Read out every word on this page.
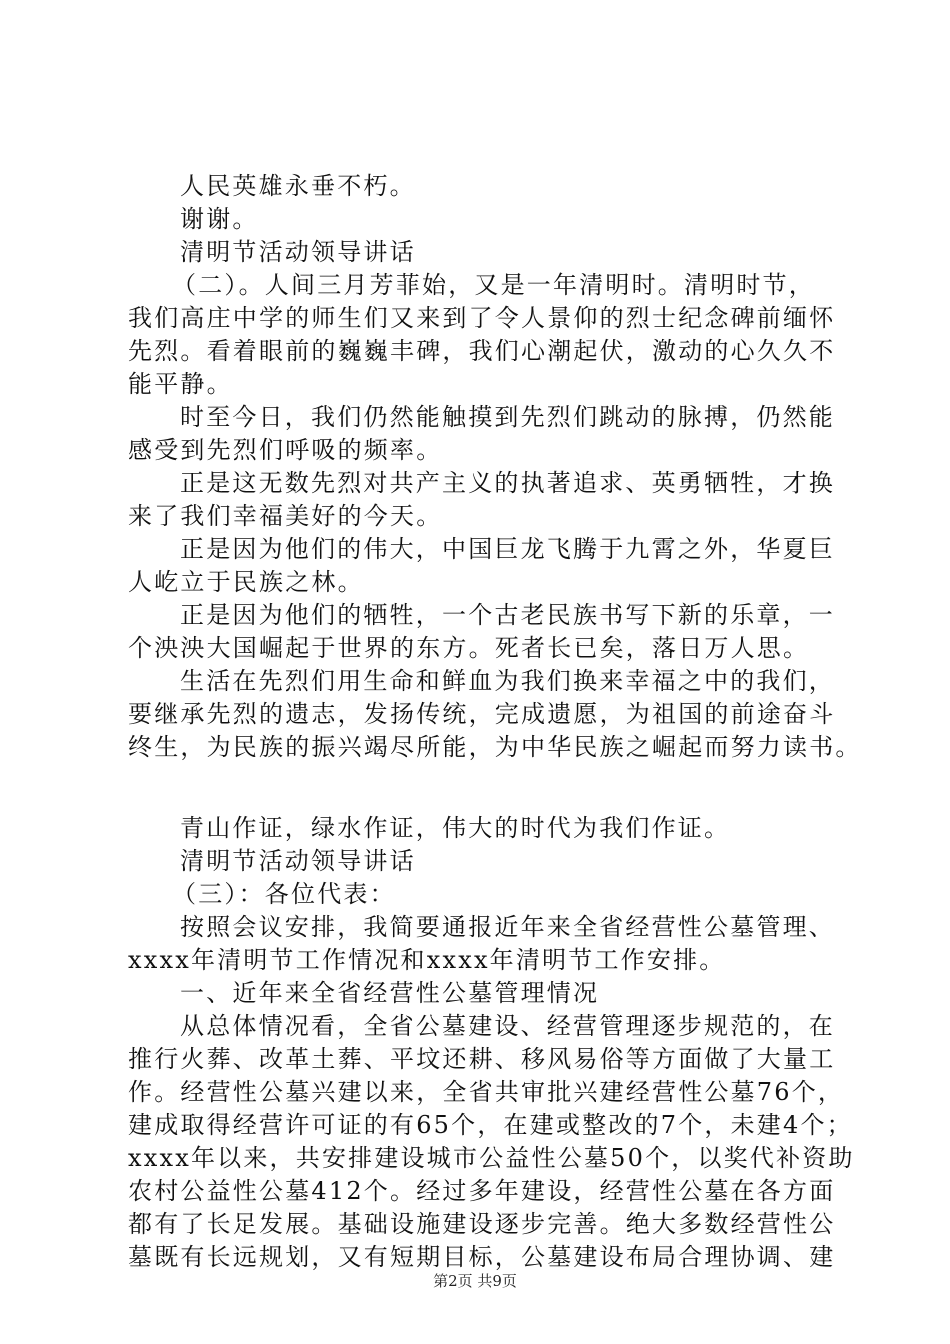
人民英雄永垂不朽。
谢谢。
清明节活动领导讲话
（二）。人间三月芳菲始，又是一年清明时。清明时节，
我们高庄中学的师生们又来到了令人景仰的烈士纪念碑前缅怀
先烈。看着眼前的巍巍丰碑，我们心潮起伏，激动的心久久不
能平静。
时至今日，我们仍然能触摸到先烈们跳动的脉搏，仍然能
感受到先烈们呼吸的频率。
正是这无数先烈对共产主义的执著追求、英勇牺牲，才换
来了我们幸福美好的今天。
正是因为他们的伟大，中国巨龙飞腾于九霄之外，华夏巨
人屹立于民族之林。
正是因为他们的牺牲，一个古老民族书写下新的乐章，一
个泱泱大国崛起于世界的东方。死者长已矣，落日万人思。
生活在先烈们用生命和鲜血为我们换来幸福之中的我们，
要继承先烈的遗志，发扬传统，完成遗愿，为祖国的前途奋斗
终生，为民族的振兴竭尽所能，为中华民族之崛起而努力读书。
青山作证，绿水作证，伟大的时代为我们作证。
清明节活动领导讲话
（三）：各位代表：
按照会议安排，我简要通报近年来全省经营性公墓管理、
xxxx年清明节工作情况和xxxx年清明节工作安排。
一、近年来全省经营性公墓管理情况
从总体情况看，全省公墓建设、经营管理逐步规范的，在
推行火葬、改革土葬、平坟还耕、移风易俗等方面做了大量工
作。经营性公墓兴建以来，全省共审批兴建经营性公墓76个，
建成取得经营许可证的有65个，在建或整改的7个，未建4个；
xxxx年以来，共安排建设城市公益性公墓50个，以奖代补资助
农村公益性公墓412个。经过多年建设，经营性公墓在各方面
都有了长足发展。基础设施建设逐步完善。绝大多数经营性公
墓既有长远规划，又有短期目标，公墓建设布局合理协调、建
第2页 共9页
